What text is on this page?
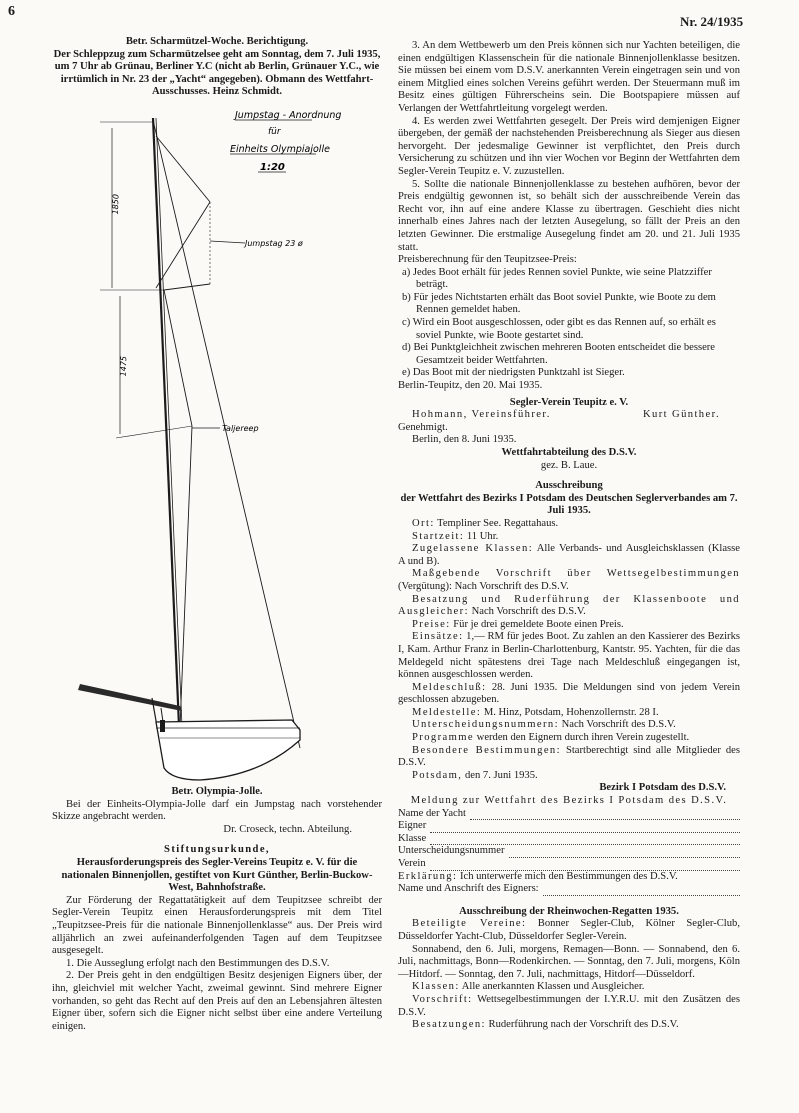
6
Nr. 24/1935
Betr. Scharmützel-Woche. Berichtigung.

Der Schleppzug zum Scharmützelsee geht am Sonntag, dem 7. Juli 1935, um 7 Uhr ab Grünau, Berliner Y.C (nicht ab Berlin, Grünauer Y.C., wie irrtümlich in Nr. 23 der „Yacht“ angegeben). Obmann des Wettfahrt-Ausschusses. Heinz Schmidt.

Jumpstag - Anordnung
für
Einheits Olympiajolle
1:20
Jumpstag 23 ø
1850
1475
Taljereep
Betr. Olympia-Jolle.

Bei der Einheits-Olympia-Jolle darf ein Jumpstag nach vorstehender Skizze angebracht werden.

Dr. Croseck, techn. Abteilung.
Stiftungsurkunde,
Herausforderungspreis des Segler-Vereins Teupitz e. V. für die nationalen Binnenjollen, gestiftet von Kurt Günther, Berlin-Buckow-West, Bahnhofstraße.

Zur Förderung der Regattatätigkeit auf dem Teupitzsee schreibt der Segler-Verein Teupitz einen Herausforderungspreis mit dem Titel „Teupitzsee-Preis für die nationale Binnenjollenklasse“ aus. Der Preis wird alljährlich an zwei aufeinanderfolgenden Tagen auf dem Teupitzsee ausgesegelt.

1. Die Ausseglung erfolgt nach den Bestimmungen des D.S.V.

2. Der Preis geht in den endgültigen Besitz desjenigen Eigners über, der ihn, gleichviel mit welcher Yacht, zweimal gewinnt. Sind mehrere Eigner vorhanden, so geht das Recht auf den Preis auf den an Lebensjahren ältesten Eigner über, sofern sich die Eigner nicht selbst über eine andere Verteilung einigen.

3. An dem Wettbewerb um den Preis können sich nur Yachten beteiligen, die einen endgültigen Klassenschein für die nationale Binnenjollenklasse besitzen. Sie müssen bei einem vom D.S.V. anerkannten Verein eingetragen sein und von einem Mitglied eines solchen Vereins geführt werden. Der Steuermann muß im Besitz eines gültigen Führerscheins sein. Die Bootspapiere müssen auf Verlangen der Wettfahrtleitung vorgelegt werden.

4. Es werden zwei Wettfahrten gesegelt. Der Preis wird demjenigen Eigner übergeben, der gemäß der nachstehenden Preisberechnung als Sieger aus diesen hervorgeht. Der jedesmalige Gewinner ist verpflichtet, den Preis durch Versicherung zu schützen und ihn vier Wochen vor Beginn der Wettfahrten dem Segler-Verein Teupitz e. V. zuzustellen.

5. Sollte die nationale Binnenjollenklasse zu bestehen aufhören, bevor der Preis endgültig gewonnen ist, so behält sich der ausschreibende Verein das Recht vor, ihn auf eine andere Klasse zu übertragen. Geschieht dies nicht innerhalb eines Jahres nach der letzten Ausegelung, so fällt der Preis an den letzten Gewinner. Die erstmalige Ausegelung findet am 20. und 21. Juli 1935 statt.

Preisberechnung für den Teupitzsee-Preis:

a) Jedes Boot erhält für jedes Rennen soviel Punkte, wie seine Platzziffer beträgt.

b) Für jedes Nichtstarten erhält das Boot soviel Punkte, wie Boote zu dem Rennen gemeldet haben.

c) Wird ein Boot ausgeschlossen, oder gibt es das Rennen auf, so erhält es soviel Punkte, wie Boote gestartet sind.

d) Bei Punktgleichheit zwischen mehreren Booten entscheidet die bessere Gesamtzeit beider Wettfahrten.

e) Das Boot mit der niedrigsten Punktzahl ist Sieger.

Berlin-Teupitz, den 20. Mai 1935.

Segler-Verein Teupitz e. V.
Hohmann, Vereinsführer.	Kurt Günther.

Genehmigt.

Berlin, den 8. Juni 1935.

Wettfahrtabteilung des D.S.V.
gez. B. Laue.
Ausschreibung
der Wettfahrt des Bezirks I Potsdam des Deutschen Seglerverbandes am 7. Juli 1935.

Ort: Templiner See. Regattahaus.

Startzeit: 11 Uhr.

Zugelassene Klassen: Alle Verbands- und Ausgleichsklassen (Klasse A und B).

Maßgebende Vorschrift über Wettsegelbestimmungen (Vergütung): Nach Vorschrift des D.S.V.

Besatzung und Ruderführung der Klassenboote und Ausgleicher: Nach Vorschrift des D.S.V.

Preise: Für je drei gemeldete Boote einen Preis.

Einsätze: 1,— RM für jedes Boot. Zu zahlen an den Kassierer des Bezirks I, Kam. Arthur Franz in Berlin-Charlottenburg, Kantstr. 95. Yachten, für die das Meldegeld nicht spätestens drei Tage nach Meldeschluß eingegangen ist, können ausgeschlossen werden.

Meldeschluß: 28. Juni 1935. Die Meldungen sind von jedem Verein geschlossen abzugeben.

Meldestelle: M. Hinz, Potsdam, Hohenzollernstr. 28 I.

Unterscheidungsnummern: Nach Vorschrift des D.S.V.

Programme werden den Eignern durch ihren Verein zugestellt.

Besondere Bestimmungen: Startberechtigt sind alle Mitglieder des D.S.V.

Potsdam, den 7. Juni 1935.

Bezirk I Potsdam des D.S.V.
Meldung zur Wettfahrt des Bezirks I Potsdam des D.S.V.
Name der Yacht
Eigner
Klasse
Unterscheidungsnummer
Verein

Erklärung: Ich unterwerfe mich den Bestimmungen des D.S.V.

Name und Anschrift des Eigners:
Ausschreibung der Rheinwochen-Regatten 1935.

Beteiligte Vereine: Bonner Segler-Club, Kölner Segler-Club, Düsseldorfer Yacht-Club, Düsseldorfer Segler-Verein.

Sonnabend, den 6. Juli, morgens, Remagen—Bonn. — Sonnabend, den 6. Juli, nachmittags, Bonn—Rodenkirchen. — Sonntag, den 7. Juli, morgens, Köln—Hitdorf. — Sonntag, den 7. Juli, nachmittags, Hitdorf—Düsseldorf.

Klassen: Alle anerkannten Klassen und Ausgleicher.

Vorschrift: Wettsegelbestimmungen der I.Y.R.U. mit den Zusätzen des D.S.V.

Besatzungen: Ruderführung nach der Vorschrift des D.S.V.
